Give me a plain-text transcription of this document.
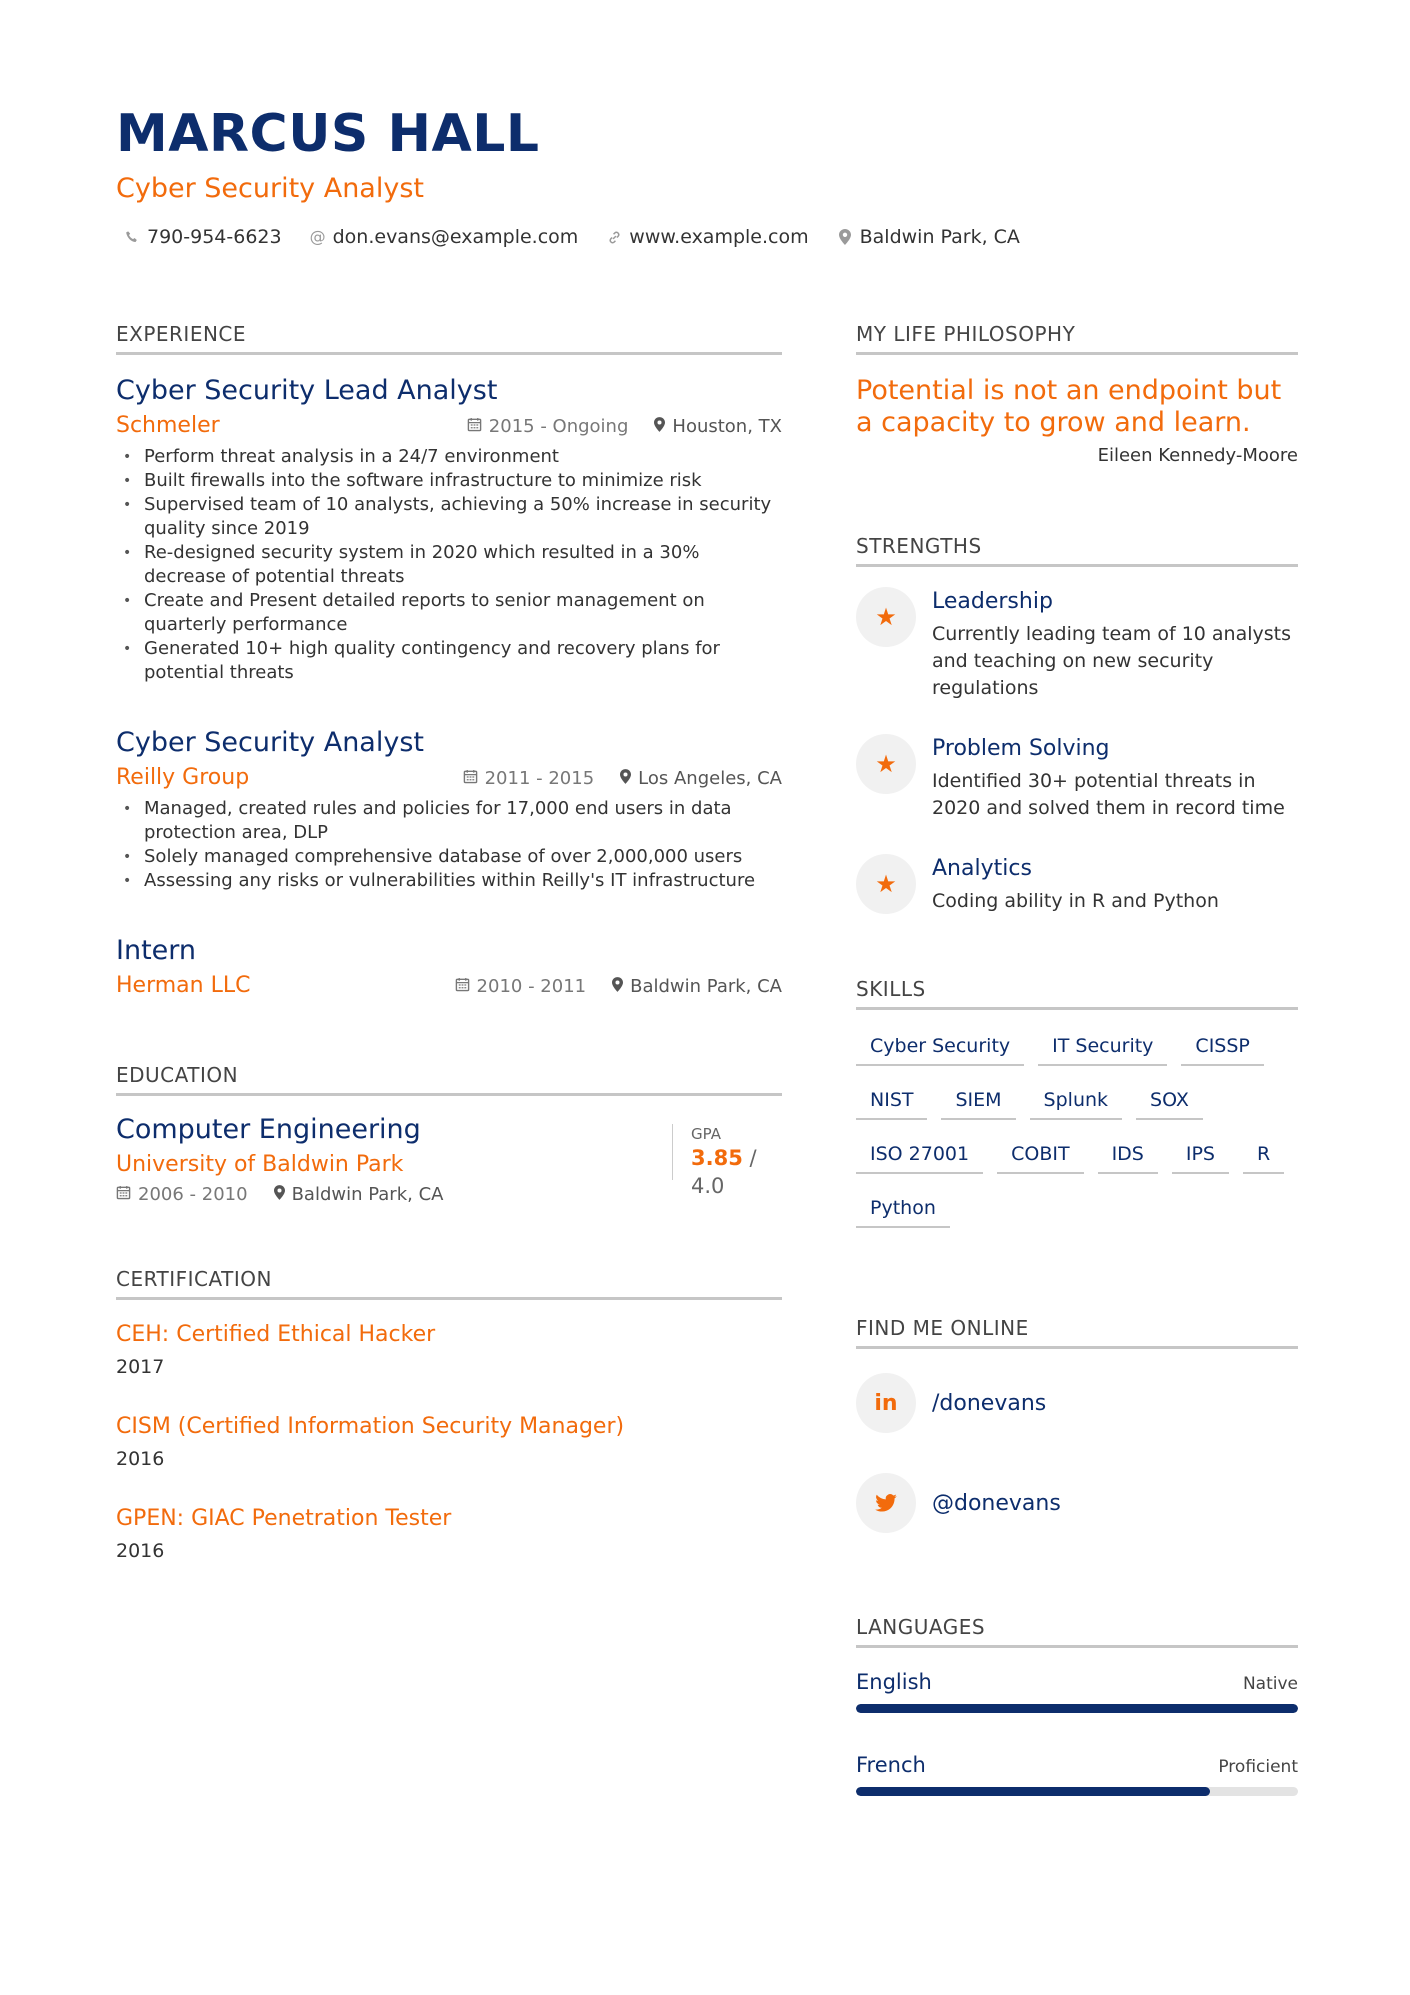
MARCUS HALL
Cyber Security Analyst
790-954-6623 @ don.evans@example.com	www.example.com	Baldwin Park, CA
EXPERIENCE
Cyber Security Lead Analyst
Schmeler	2015 - Ongoing Houston, TX
• Perform threat analysis in a 24/7 environment
• Built firewalls into the software infrastructure to minimize risk
• Supervised team of 10 analysts, achieving a 50% increase in security quality since 2019
• Re-designed security system in 2020 which resulted in a 30% decrease of potential threats
• Create and Present detailed reports to senior management on quarterly performance
• Generated 10+ high quality contingency and recovery plans for potential threats
Cyber Security Analyst
Reilly Group	2011 - 2015 Los Angeles, CA
• Managed, created rules and policies for 17,000 end users in data protection area, DLP
• Solely managed comprehensive database of over 2,000,000 users
• Assessing any risks or vulnerabilities within Reilly's IT infrastructure
Intern
Herman LLC	2010 - 2011 Baldwin Park, CA
EDUCATION
Computer Engineering
University of Baldwin Park
2006 - 2010 Baldwin Park, CA
GPA
3.85 / 4.0
CERTIFICATION
CEH: Certified Ethical Hacker
2017
CISM (Certified Information Security Manager)
2016
GPEN: GIAC Penetration Tester
2016
MY LIFE PHILOSOPHY
Potential is not an endpoint but a capacity to grow and learn.
Eileen Kennedy-Moore
STRENGTHS
★
Leadership
Currently leading team of 10 analysts and teaching on new security regulations
★
Problem Solving
Identified 30+ potential threats in 2020 and solved them in record time
★
Analytics
Coding ability in R and Python
SKILLS
Cyber Security	IT Security	CISSP
NIST	SIEM	Splunk	SOX
ISO 27001	COBIT	IDS	IPS	R
Python
FIND ME ONLINE
in	/donevans
@donevans
LANGUAGES
English	Native
French	Proficient
